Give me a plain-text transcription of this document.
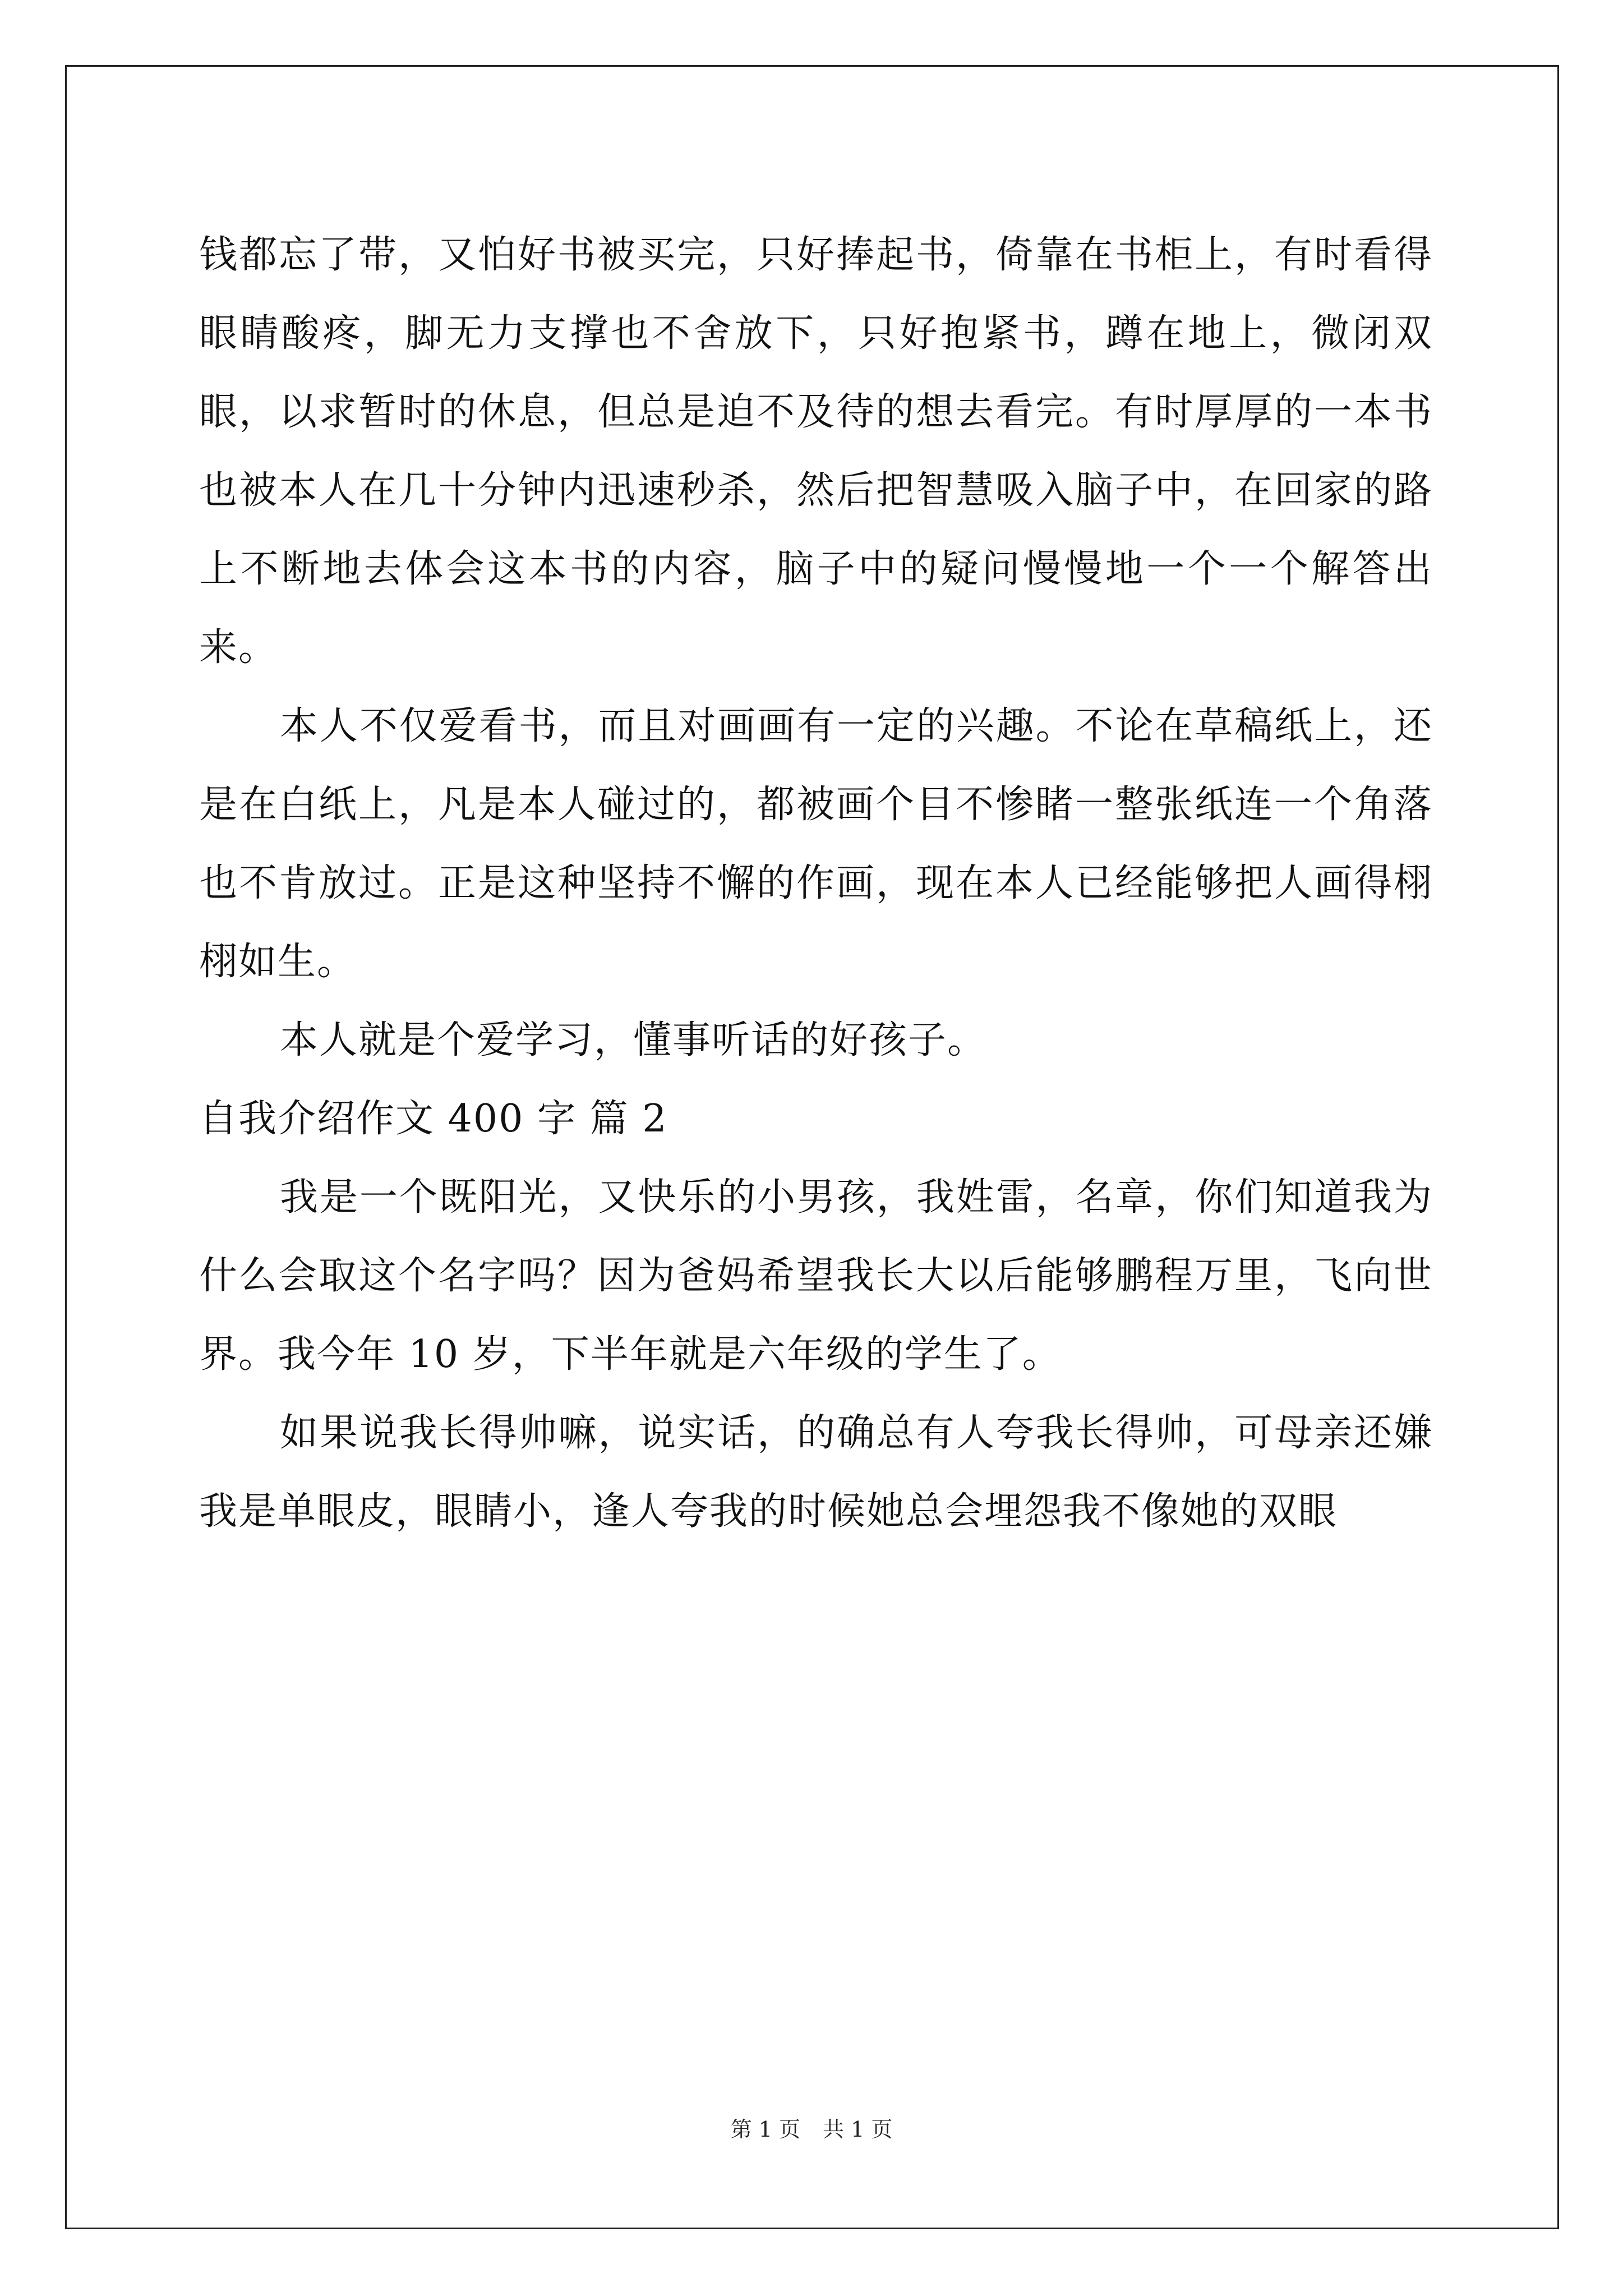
钱都忘了带，又怕好书被买完，只好捧起书，倚靠在书柜上，有时看得眼睛酸疼，脚无力支撑也不舍放下，只好抱紧书，蹲在地上，微闭双眼，以求暂时的休息，但总是迫不及待的想去看完。有时厚厚的一本书也被本人在几十分钟内迅速秒杀，然后把智慧吸入脑子中，在回家的路上不断地去体会这本书的内容，脑子中的疑问慢慢地一个一个解答出来。

本人不仅爱看书，而且对画画有一定的兴趣。不论在草稿纸上，还是在白纸上，凡是本人碰过的，都被画个目不惨睹一整张纸连一个角落也不肯放过。正是这种坚持不懈的作画，现在本人已经能够把人画得栩栩如生。

本人就是个爱学习，懂事听话的好孩子。

自我介绍作文 400 字 篇 2

我是一个既阳光，又快乐的小男孩，我姓雷，名章，你们知道我为什么会取这个名字吗？因为爸妈希望我长大以后能够鹏程万里，飞向世界。我今年 10 岁，下半年就是六年级的学生了。

如果说我长得帅嘛，说实话，的确总有人夸我长得帅，可母亲还嫌我是单眼皮，眼睛小，逢人夸我的时候她总会埋怨我不像她的双眼

第 1 页 共 1 页
